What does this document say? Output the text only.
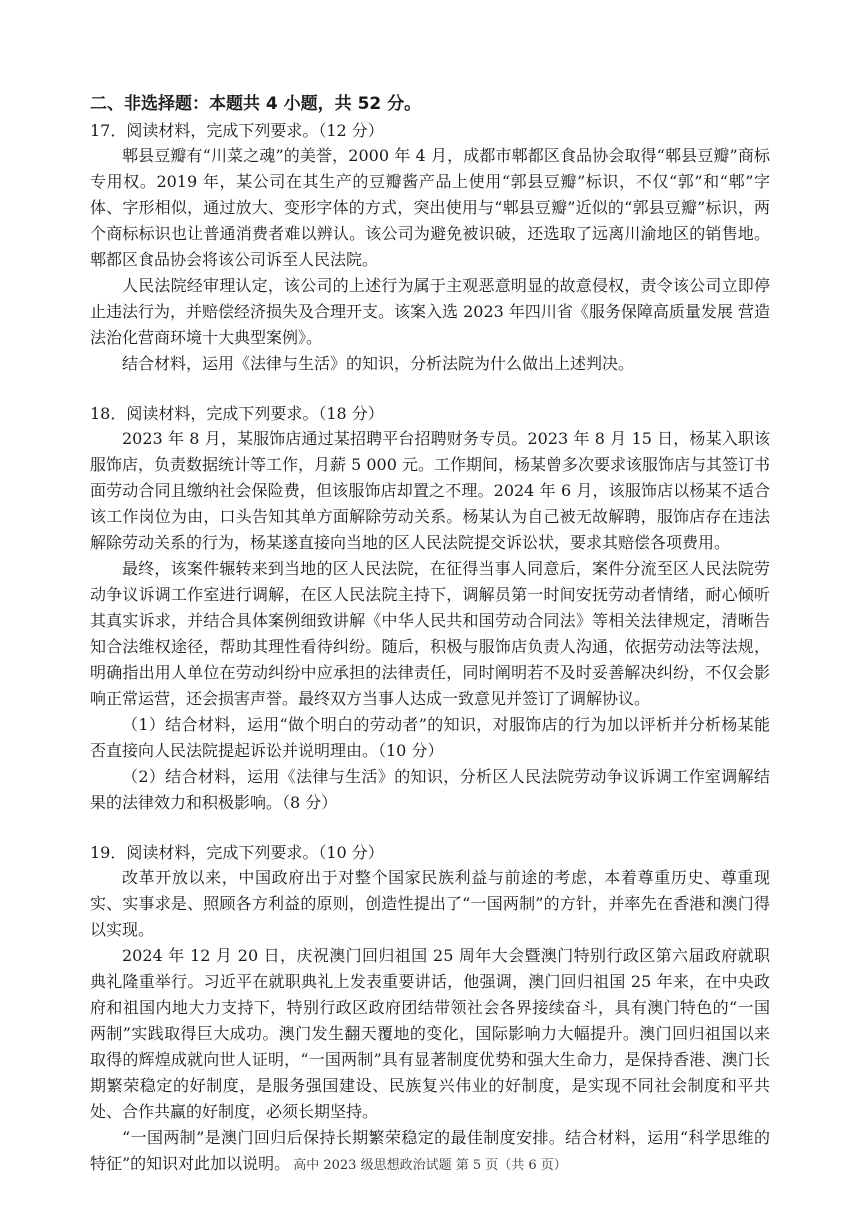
二、非选择题：本题共 4 小题，共 52 分。

17．阅读材料，完成下列要求。（12 分）

郫县豆瓣有“川菜之魂”的美誉，2000 年 4 月，成都市郫都区食品协会取得“郫县豆瓣”商标专用权。2019 年，某公司在其生产的豆瓣酱产品上使用“郭县豆瓣”标识，不仅“郭”和“郫”字体、字形相似，通过放大、变形字体的方式，突出使用与“郫县豆瓣”近似的“郭县豆瓣”标识，两个商标标识也让普通消费者难以辨认。该公司为避免被识破，还选取了远离川渝地区的销售地。郫都区食品协会将该公司诉至人民法院。

人民法院经审理认定，该公司的上述行为属于主观恶意明显的故意侵权，责令该公司立即停止违法行为，并赔偿经济损失及合理开支。该案入选 2023 年四川省《服务保障高质量发展 营造法治化营商环境十大典型案例》。

结合材料，运用《法律与生活》的知识，分析法院为什么做出上述判决。

18．阅读材料，完成下列要求。（18 分）

2023 年 8 月，某服饰店通过某招聘平台招聘财务专员。2023 年 8 月 15 日，杨某入职该服饰店，负责数据统计等工作，月薪 5 000 元。工作期间，杨某曾多次要求该服饰店与其签订书面劳动合同且缴纳社会保险费，但该服饰店却置之不理。2024 年 6 月，该服饰店以杨某不适合该工作岗位为由，口头告知其单方面解除劳动关系。杨某认为自己被无故解聘，服饰店存在违法解除劳动关系的行为，杨某遂直接向当地的区人民法院提交诉讼状，要求其赔偿各项费用。

最终，该案件辗转来到当地的区人民法院，在征得当事人同意后，案件分流至区人民法院劳动争议诉调工作室进行调解，在区人民法院主持下，调解员第一时间安抚劳动者情绪，耐心倾听其真实诉求，并结合具体案例细致讲解《中华人民共和国劳动合同法》等相关法律规定，清晰告知合法维权途径，帮助其理性看待纠纷。随后，积极与服饰店负责人沟通，依据劳动法等法规，明确指出用人单位在劳动纠纷中应承担的法律责任，同时阐明若不及时妥善解决纠纷，不仅会影响正常运营，还会损害声誉。最终双方当事人达成一致意见并签订了调解协议。

（1）结合材料，运用“做个明白的劳动者”的知识，对服饰店的行为加以评析并分析杨某能否直接向人民法院提起诉讼并说明理由。（10 分）

（2）结合材料，运用《法律与生活》的知识，分析区人民法院劳动争议诉调工作室调解结果的法律效力和积极影响。（8 分）

19．阅读材料，完成下列要求。（10 分）

改革开放以来，中国政府出于对整个国家民族利益与前途的考虑，本着尊重历史、尊重现实、实事求是、照顾各方利益的原则，创造性提出了“一国两制”的方针，并率先在香港和澳门得以实现。

2024 年 12 月 20 日，庆祝澳门回归祖国 25 周年大会暨澳门特别行政区第六届政府就职典礼隆重举行。习近平在就职典礼上发表重要讲话，他强调，澳门回归祖国 25 年来，在中央政府和祖国内地大力支持下，特别行政区政府团结带领社会各界接续奋斗，具有澳门特色的“一国两制”实践取得巨大成功。澳门发生翻天覆地的变化，国际影响力大幅提升。澳门回归祖国以来取得的辉煌成就向世人证明，“一国两制”具有显著制度优势和强大生命力，是保持香港、澳门长期繁荣稳定的好制度，是服务强国建设、民族复兴伟业的好制度，是实现不同社会制度和平共处、合作共赢的好制度，必须长期坚持。

“一国两制”是澳门回归后保持长期繁荣稳定的最佳制度安排。结合材料，运用“科学思维的特征”的知识对此加以说明。 高中 2023 级思想政治试题 第 5 页（共 6 页）
